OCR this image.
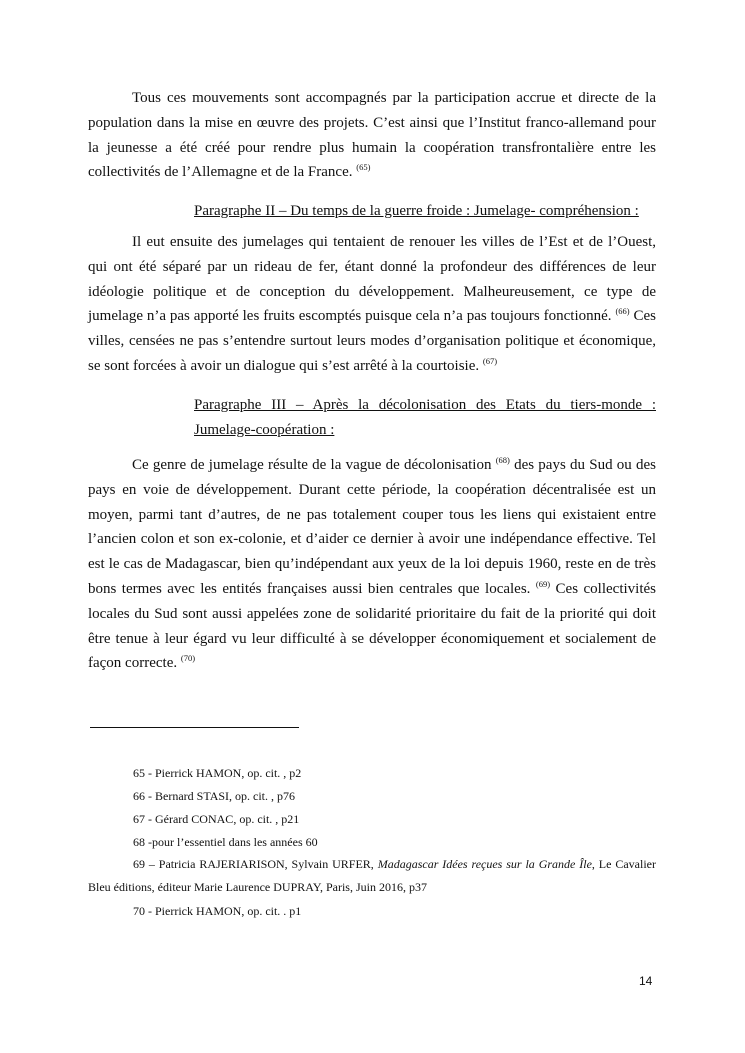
Tous ces mouvements sont accompagnés par la participation accrue et directe de la population dans la mise en œuvre des projets. C’est ainsi que l’Institut franco-allemand pour la jeunesse a été créé pour rendre plus humain la coopération transfrontalière entre les collectivités de l’Allemagne et de la France. $^{(65)}$

Paragraphe II – Du temps de la guerre froide : Jumelage- compréhension :

Il eut ensuite des jumelages qui tentaient de renouer les villes de l’Est et de l’Ouest, qui ont été séparé par un rideau de fer, étant donné la profondeur des différences de leur idéologie politique et de conception du développement. Malheureusement, ce type de jumelage n’a pas apporté les fruits escomptés puisque cela n’a pas toujours fonctionné. $^{(66)}$ Ces villes, censées ne pas s’entendre surtout leurs modes d’organisation politique et économique, se sont forcées à avoir un dialogue qui s’est arrêté à la courtoisie. $^{(67)}$

Paragraphe III – Après la décolonisation des Etats du tiers-monde :

Jumelage-coopération :

Ce genre de jumelage résulte de la vague de décolonisation $^{(68)}$ des pays du Sud ou des pays en voie de développement. Durant cette période, la coopération décentralisée est un moyen, parmi tant d’autres, de ne pas totalement couper tous les liens qui existaient entre l’ancien colon et son ex-colonie, et d’aider ce dernier à avoir une indépendance effective. Tel est le cas de Madagascar, bien qu’indépendant aux yeux de la loi depuis 1960, reste en de très bons termes avec les entités françaises aussi bien centrales que locales. $^{(69)}$ Ces collectivités locales du Sud sont aussi appelées zone de solidarité prioritaire du fait de la priorité qui doit être tenue à leur égard vu leur difficulté à se développer économiquement et socialement de façon correcte. $^{(70)}$

65 - Pierrick HAMON, op. cit. , p2

66 - Bernard STASI, op. cit. , p76

67 - Gérard CONAC, op. cit. , p21

68 -pour l’essentiel dans les années 60

69 – Patricia RAJERIARISON, Sylvain URFER, Madagascar Idées reçues sur la Grande Île, Le Cavalier Bleu éditions, éditeur Marie Laurence DUPRAY, Paris, Juin 2016, p37

70 - Pierrick HAMON, op. cit. . p1

14
